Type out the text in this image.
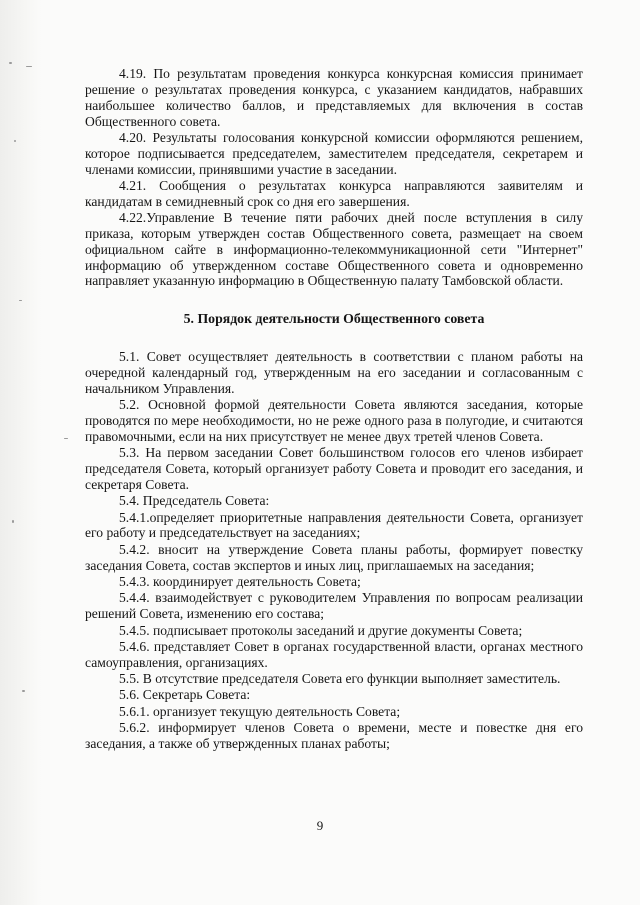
4.19. По результатам проведения конкурса конкурсная комиссия принимает решение о результатах проведения конкурса, с указанием кандидатов, набравших наибольшее количество баллов, и представляемых для включения в состав Общественного совета.

4.20. Результаты голосования конкурсной комиссии оформляются решением, которое подписывается председателем, заместителем председателя, секретарем и членами комиссии, принявшими участие в заседании.

4.21. Сообщения о результатах конкурса направляются заявителям и кандидатам в семидневный срок со дня его завершения.

4.22.Управление В течение пяти рабочих дней после вступления в силу приказа, которым утвержден состав Общественного совета, размещает на своем официальном сайте в информационно-телекоммуникационной сети "Интернет" информацию об утвержденном составе Общественного совета и одновременно направляет указанную информацию в Общественную палату Тамбовской области.

5. Порядок деятельности Общественного совета

5.1. Совет осуществляет деятельность в соответствии с планом работы на очередной календарный год, утвержденным на его заседании и согласованным с начальником Управления.

5.2. Основной формой деятельности Совета являются заседания, которые проводятся по мере необходимости, но не реже одного раза в полугодие, и считаются правомочными, если на них присутствует не менее двух третей членов Совета.

5.3. На первом заседании Совет большинством голосов его членов избирает председателя Совета, который организует работу Совета и проводит его заседания, и секретаря Совета.

5.4. Председатель Совета:

5.4.1.определяет приоритетные направления деятельности Совета, организует его работу и председательствует на заседаниях;

5.4.2. вносит на утверждение Совета планы работы, формирует повестку заседания Совета, состав экспертов и иных лиц, приглашаемых на заседания;

5.4.3. координирует деятельность Совета;

5.4.4. взаимодействует с руководителем Управления по вопросам реализации решений Совета, изменению его состава;

5.4.5. подписывает протоколы заседаний и другие документы Совета;

5.4.6. представляет Совет в органах государственной власти, органах местного самоуправления, организациях.

5.5. В отсутствие председателя Совета его функции выполняет заместитель.

5.6. Секретарь Совета:

5.6.1. организует текущую деятельность Совета;

5.6.2. информирует членов Совета о времени, месте и повестке дня его заседания, а также об утвержденных планах работы;

9
